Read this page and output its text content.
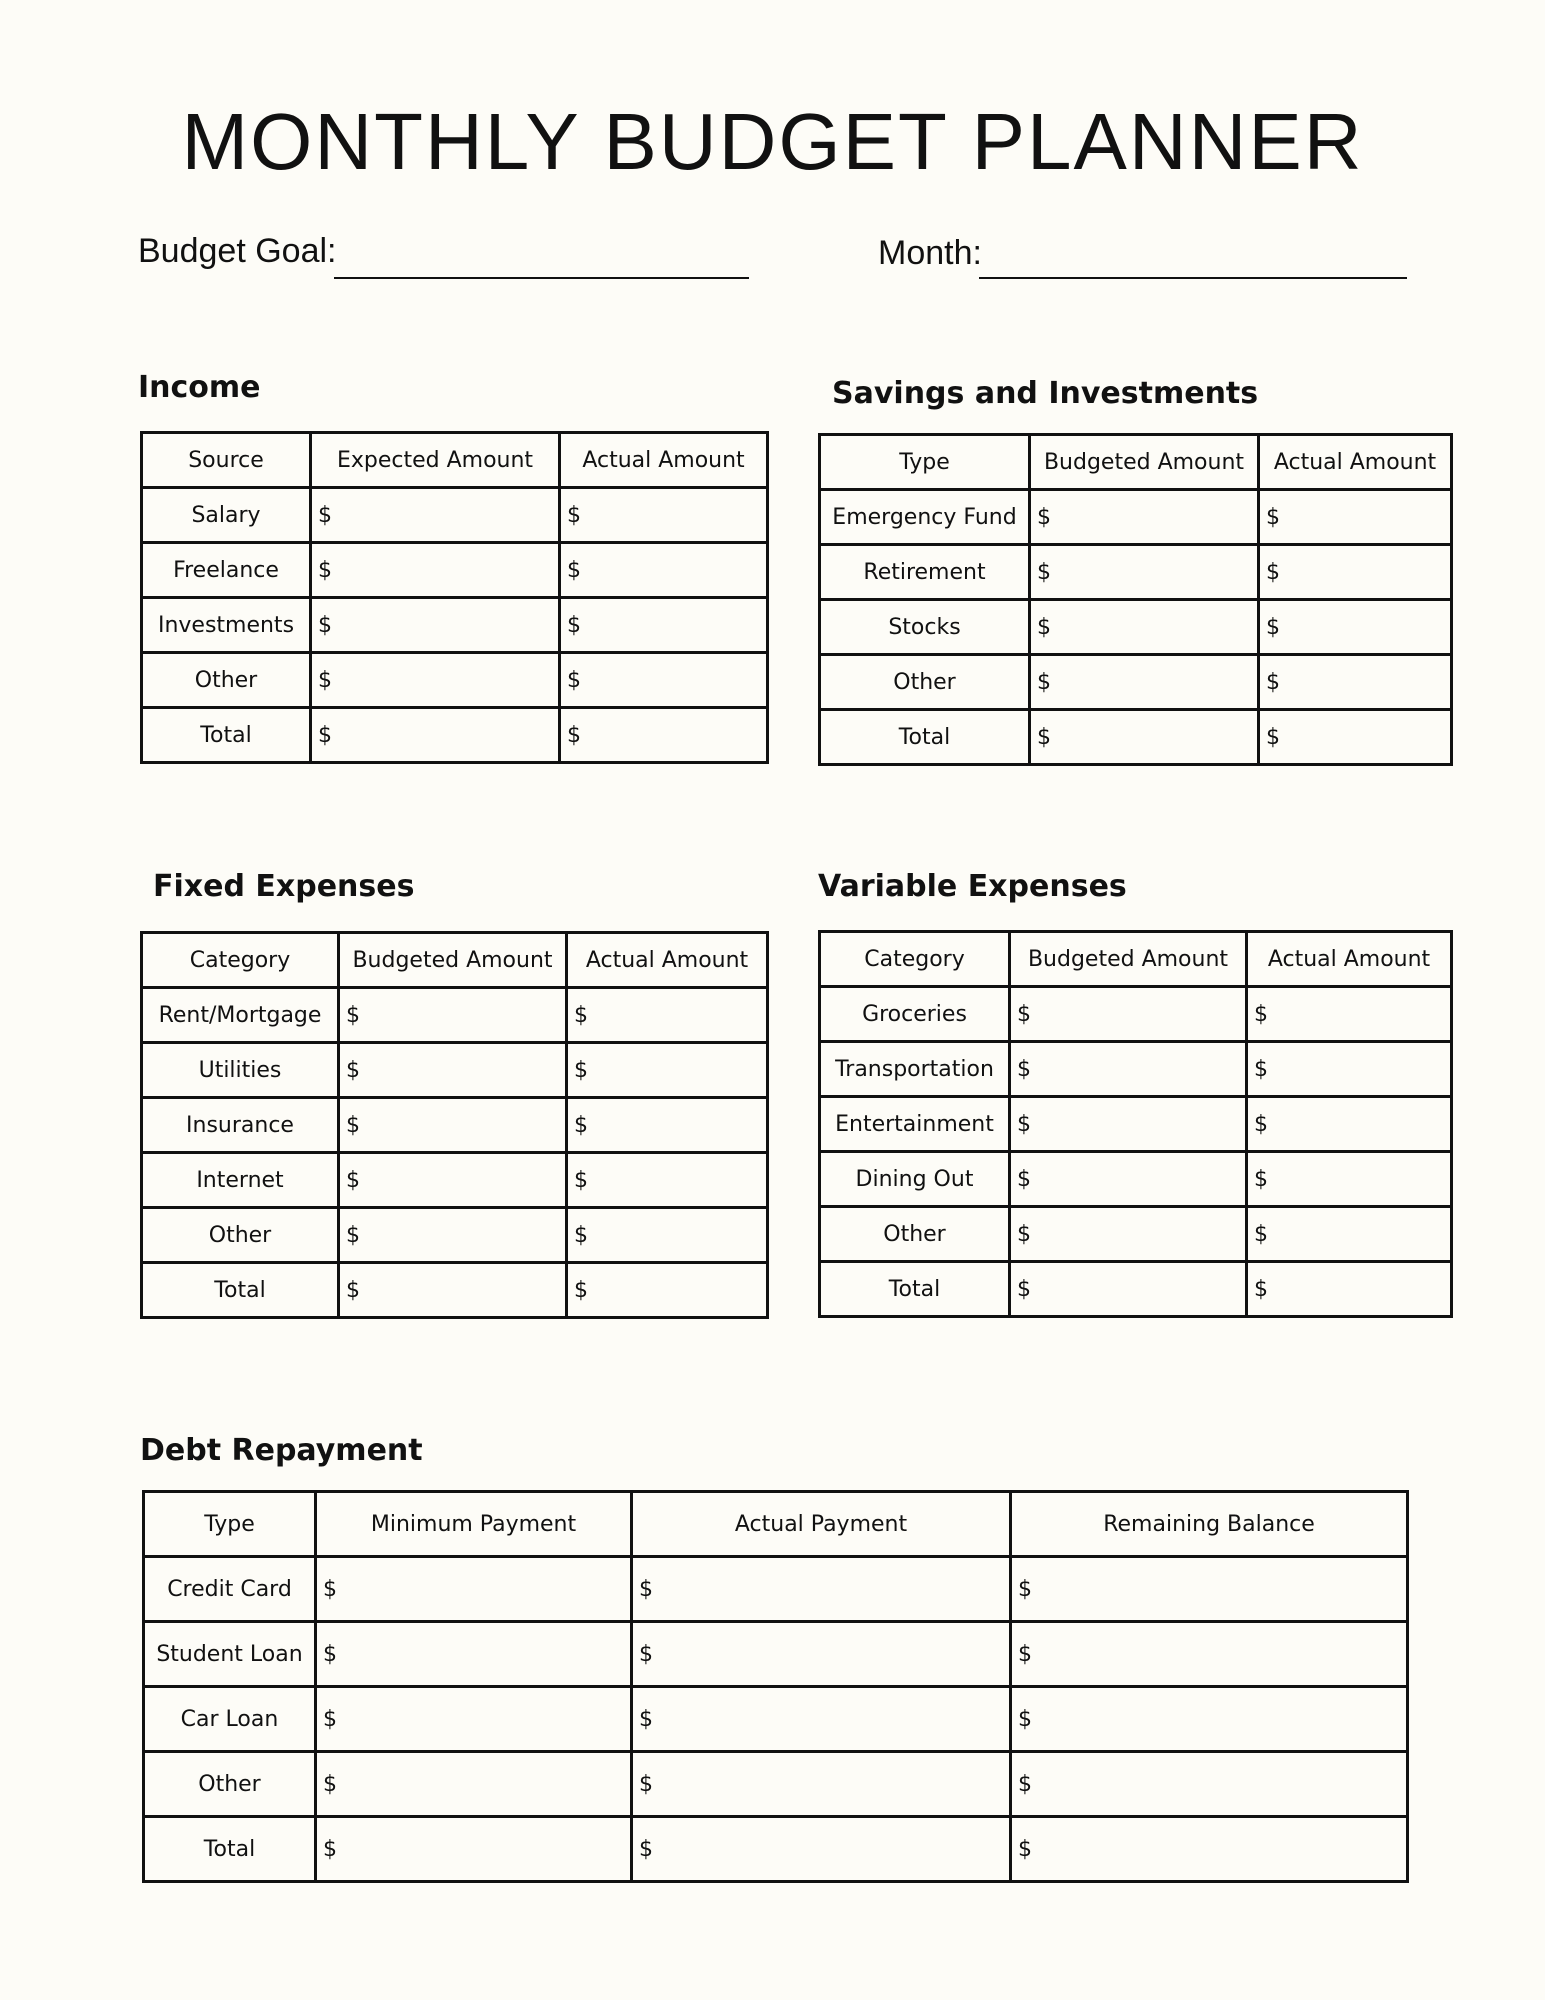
MONTHLY BUDGET PLANNER
Budget Goal:	Month:
Income
Source	Expected Amount	Actual Amount
Salary	$	$
Freelance	$	$
Investments	$	$
Other	$	$
Total	$	$
Savings and Investments
Type	Budgeted Amount	Actual Amount
Emergency Fund	$	$
Retirement	$	$
Stocks	$	$
Other	$	$
Total	$	$
Fixed Expenses
Category	Budgeted Amount	Actual Amount
Rent/Mortgage	$	$
Utilities	$	$
Insurance	$	$
Internet	$	$
Other	$	$
Total	$	$
Variable Expenses
Category	Budgeted Amount	Actual Amount
Groceries	$	$
Transportation	$	$
Entertainment	$	$
Dining Out	$	$
Other	$	$
Total	$	$
Debt Repayment
Type	Minimum Payment	Actual Payment	Remaining Balance
Credit Card	$	$	$
Student Loan	$	$	$
Car Loan	$	$	$
Other	$	$	$
Total	$	$	$
